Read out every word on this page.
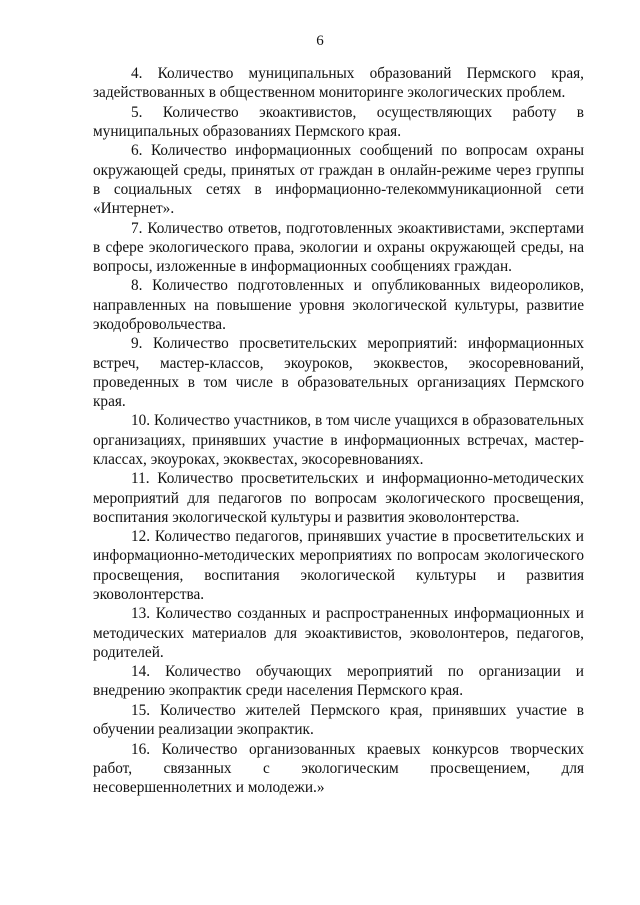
6

4. Количество муниципальных образований Пермского края, задействованных в общественном мониторинге экологических проблем.

5. Количество экоактивистов, осуществляющих работу в муниципальных образованиях Пермского края.

6. Количество информационных сообщений по вопросам охраны окружающей среды, принятых от граждан в онлайн-режиме через группы в социальных сетях в информационно-телекоммуникационной сети «Интернет».

7. Количество ответов, подготовленных экоактивистами, экспертами в сфере экологического права, экологии и охраны окружающей среды, на вопросы, изложенные в информационных сообщениях граждан.

8. Количество подготовленных и опубликованных видеороликов, направленных на повышение уровня экологической культуры, развитие экодобровольчества.

9. Количество просветительских мероприятий: информационных встреч, мастер-классов, экоуроков, экоквестов, экосоревнований, проведенных в том числе в образовательных организациях Пермского края.

10. Количество участников, в том числе учащихся в образовательных организациях, принявших участие в информационных встречах, мастер-классах, экоуроках, экоквестах, экосоревнованиях.

11. Количество просветительских и информационно-методических мероприятий для педагогов по вопросам экологического просвещения, воспитания экологической культуры и развития эковолонтерства.

12. Количество педагогов, принявших участие в просветительских и информационно-методических мероприятиях по вопросам экологического просвещения, воспитания экологической культуры и развития эковолонтерства.

13. Количество созданных и распространенных информационных и методических материалов для экоактивистов, эковолонтеров, педагогов, родителей.

14. Количество обучающих мероприятий по организации и внедрению экопрактик среди населения Пермского края.

15. Количество жителей Пермского края, принявших участие в обучении реализации экопрактик.

16. Количество организованных краевых конкурсов творческих работ, связанных с экологическим просвещением, для несовершеннолетних и молодежи.»
